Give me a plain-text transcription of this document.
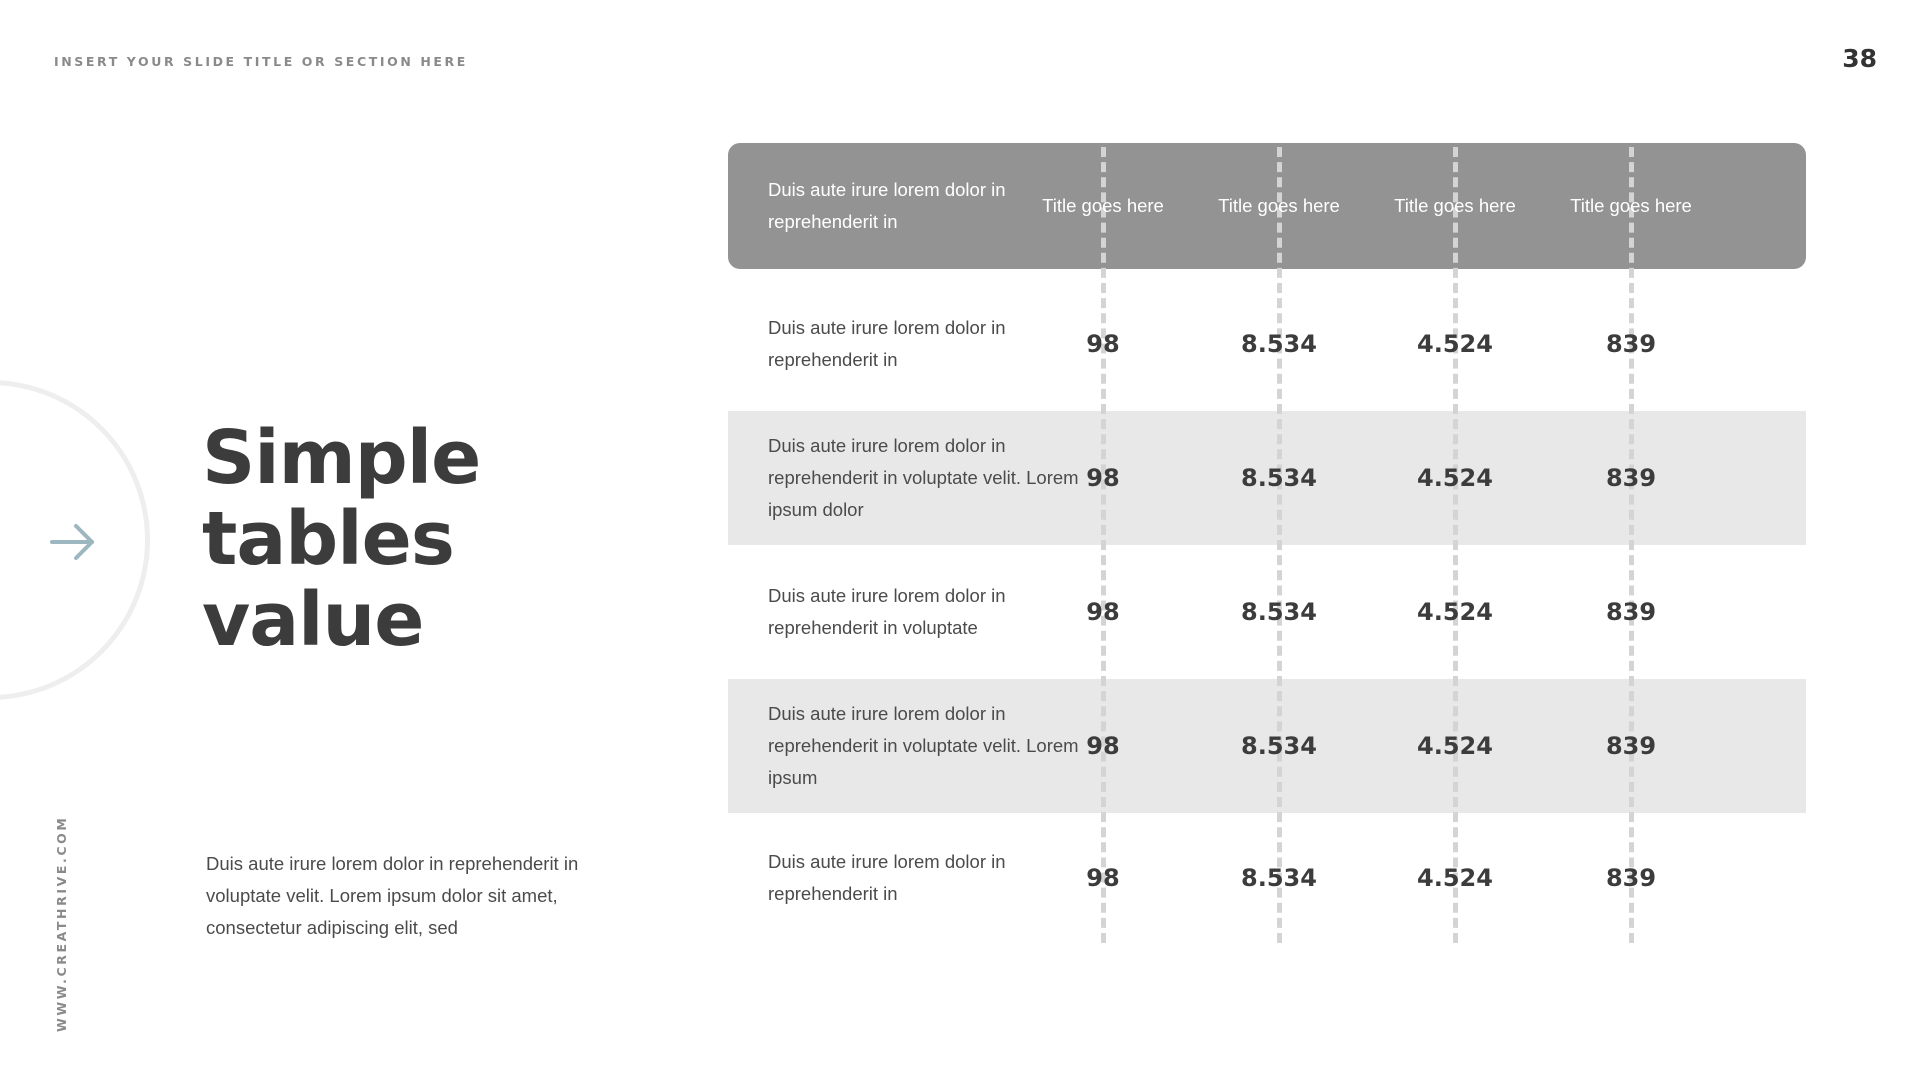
INSERT YOUR SLIDE TITLE OR SECTION HERE	38
WWW.CREATHRIVE.COM
Simple
tables
value

Duis aute irure lorem dolor in reprehenderit in voluptate velit. Lorem ipsum dolor sit amet, consectetur adipiscing elit, sed

Duis aute irure lorem dolor in reprehenderit in
Title goes here	Title goes here	Title goes here	Title goes here
Duis aute irure lorem dolor in reprehenderit in
98	8.534	4.524	839
Duis aute irure lorem dolor in reprehenderit in voluptate velit. Lorem ipsum dolor
98	8.534	4.524	839
Duis aute irure lorem dolor in reprehenderit in voluptate
98	8.534	4.524	839
Duis aute irure lorem dolor in reprehenderit in voluptate velit. Lorem ipsum
98	8.534	4.524	839
Duis aute irure lorem dolor in reprehenderit in
98	8.534	4.524	839
